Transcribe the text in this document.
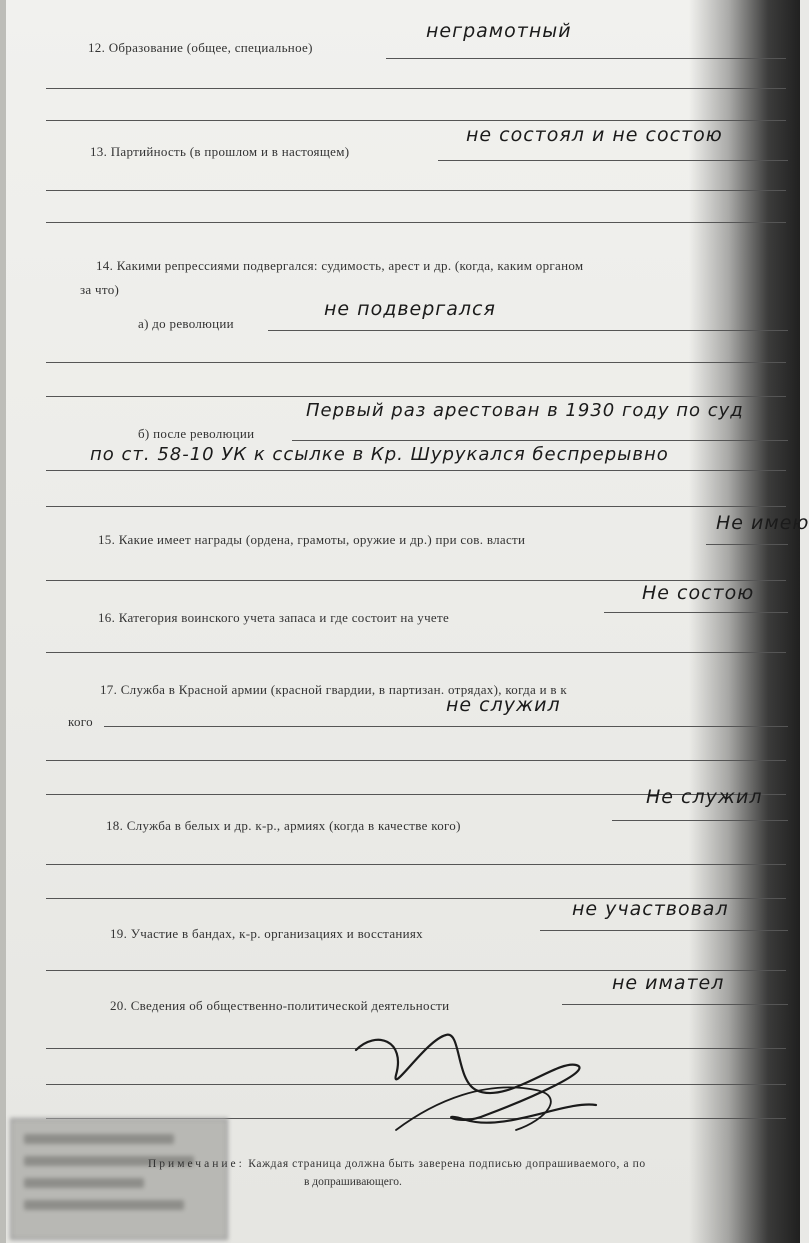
12. Образование (общее, специальное)
неграмотный
13. Партийность (в прошлом и в настоящем)
не состоял и не состою
14. Какими репрессиями подвергался: судимость, арест и др. (когда, каким органом
за что)
а) до революции
не подвергался
б) после революции
Первый раз арестован в 1930 году по суд
по ст. 58-10 УК к ссылке в Кр. Шурукался беспрерывно
15. Какие имеет награды (ордена, грамоты, оружие и др.) при сов. власти
Не имею
16. Категория воинского учета запаса и где состоит на учете
Не состою
17. Служба в Красной армии (красной гвардии, в партизан. отрядах), когда и в к
кого
не служил
18. Служба в белых и др. к-р., армиях (когда в качестве кого)
Не служил
19. Участие в бандах, к-р. организациях и восстаниях
не участвовал
20. Сведения об общественно-политической деятельности
не имател
Примечание: Каждая страница должна быть заверена подписью допрашиваемого, а по
в допрашивающего.
